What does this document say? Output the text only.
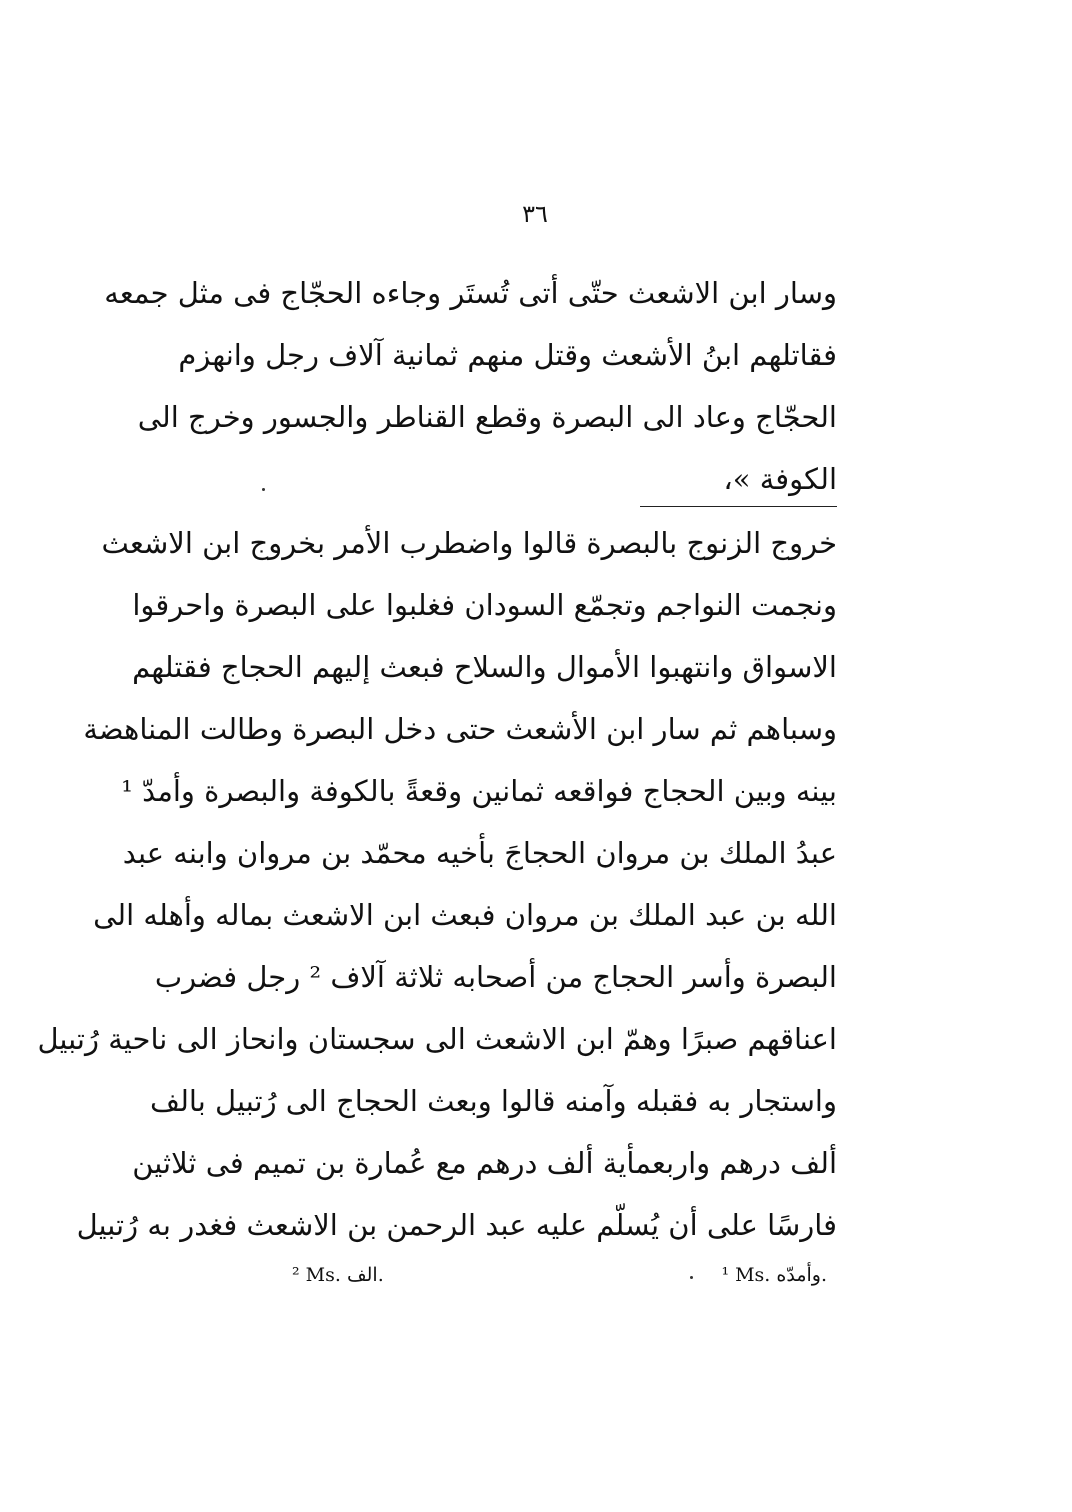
٣٦
وسار ابن الاشعث حتّى أتى تُستَر وجاءه الحجّاج فى مثل جمعه
فقاتلهم ابنُ الأشعث وقتل منهم ثمانية آلاف رجل وانهزم
الحجّاج وعاد الى البصرة وقطع القناطر والجسور وخرج الى
الكوفة »،
خروج الزنوج بالبصرة قالوا واضطرب الأمر بخروج ابن الاشعث
ونجمت النواجم وتجمّع السودان فغلبوا على البصرة واحرقوا
الاسواق وانتهبوا الأموال والسلاح فبعث إليهم الحجاج فقتلهم
وسباهم ثم سار ابن الأشعث حتى دخل البصرة وطالت المناهضة
بينه وبين الحجاج فواقعه ثمانين وقعةً بالكوفة والبصرة وأمدّ ¹
عبدُ الملك بن مروان الحجاجَ بأخيه محمّد بن مروان وابنه عبد
الله بن عبد الملك بن مروان فبعث ابن الاشعث بماله وأهله الى
البصرة وأسر الحجاج من أصحابه ثلاثة آلاف ² رجل فضرب
اعناقهم صبرًا وهمّ ابن الاشعث الى سجستان وانحاز الى ناحية رُتبيل
واستجار به فقبله وآمنه قالوا وبعث الحجاج الى رُتبيل بالف
ألف درهم واربعمأية ألف درهم مع عُمارة بن تميم فى ثلاثين
فارسًا على أن يُسلّم عليه عبد الرحمن بن الاشعث فغدر به رُتبيل
¹ Ms. وأمدّه.
² Ms. الف.
